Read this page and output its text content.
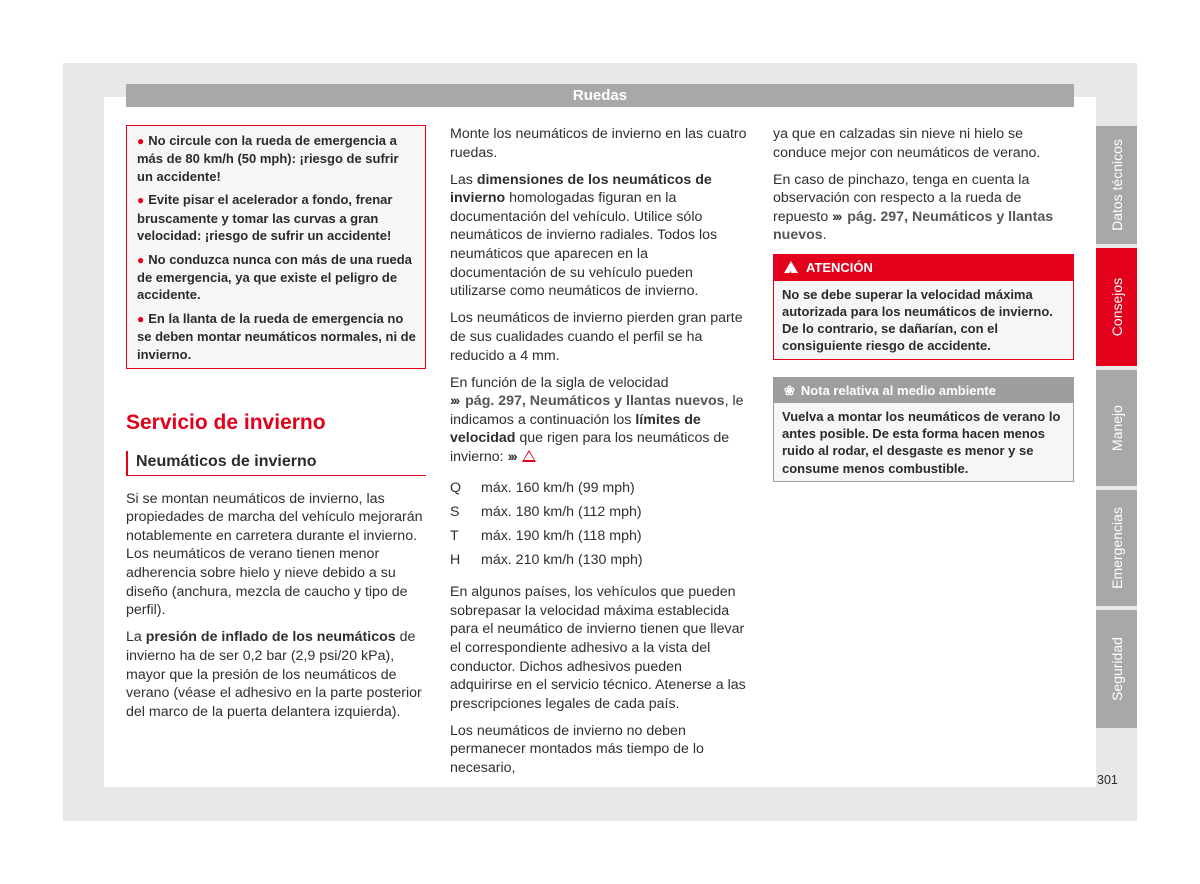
Ruedas
● No circule con la rueda de emergencia a más de 80 km/h (50 mph): ¡riesgo de sufrir un accidente!
● Evite pisar el acelerador a fondo, frenar bruscamente y tomar las curvas a gran velocidad: ¡riesgo de sufrir un accidente!
● No conduzca nunca con más de una rueda de emergencia, ya que existe el peligro de accidente.
● En la llanta de la rueda de emergencia no se deben montar neumáticos normales, ni de invierno.
Servicio de invierno
Neumáticos de invierno

Si se montan neumáticos de invierno, las propiedades de marcha del vehículo mejorarán notablemente en carretera durante el invierno. Los neumáticos de verano tienen menor adherencia sobre hielo y nieve debido a su diseño (anchura, mezcla de caucho y tipo de perfil).

La presión de inflado de los neumáticos de invierno ha de ser 0,2 bar (2,9 psi/20 kPa), mayor que la presión de los neumáticos de verano (véase el adhesivo en la parte posterior del marco de la puerta delantera izquierda).

Monte los neumáticos de invierno en las cuatro ruedas.

Las dimensiones de los neumáticos de invierno homologadas figuran en la documentación del vehículo. Utilice sólo neumáticos de invierno radiales. Todos los neumáticos que aparecen en la documentación de su vehículo pueden utilizarse como neumáticos de invierno.

Los neumáticos de invierno pierden gran parte de sus cualidades cuando el perfil se ha reducido a 4 mm.

En función de la sigla de velocidad
››› pág. 297, Neumáticos y llantas nuevos, le indicamos a continuación los límites de velocidad que rigen para los neumáticos de invierno: ›››

Q	máx. 160 km/h (99 mph)
S	máx. 180 km/h (112 mph)
T	máx. 190 km/h (118 mph)
H	máx. 210 km/h (130 mph)

En algunos países, los vehículos que pueden sobrepasar la velocidad máxima establecida para el neumático de invierno tienen que llevar el correspondiente adhesivo a la vista del conductor. Dichos adhesivos pueden adquirirse en el servicio técnico. Atenerse a las prescripciones legales de cada país.

Los neumáticos de invierno no deben permanecer montados más tiempo de lo necesario,

ya que en calzadas sin nieve ni hielo se conduce mejor con neumáticos de verano.

En caso de pinchazo, tenga en cuenta la observación con respecto a la rueda de repuesto ››› pág. 297, Neumáticos y llantas nuevos.

!ATENCIÓN
No se debe superar la velocidad máxima autorizada para los neumáticos de invierno. De lo contrario, se dañarían, con el consiguiente riesgo de accidente.
❀ Nota relativa al medio ambiente
Vuelva a montar los neumáticos de verano lo antes posible. De esta forma hacen menos ruido al rodar, el desgaste es menor y se consume menos combustible.
Datos técnicos
Consejos
Manejo
Emergencias
Seguridad
301
